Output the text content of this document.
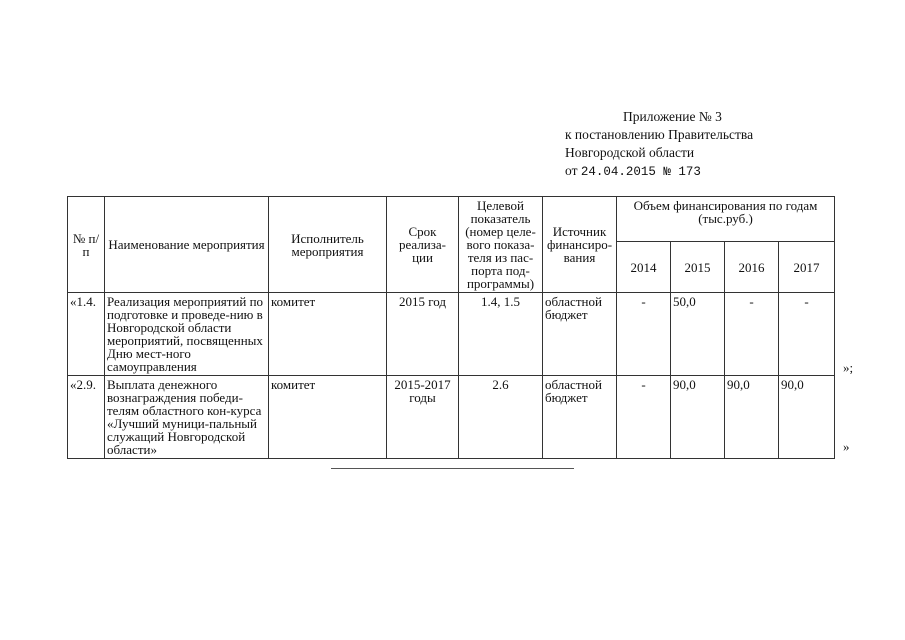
Приложение № 3
к постановлению Правительства
Новгородской области
от 24.04.2015 № 173
№ п/п	Наименование мероприятия	Исполнитель мероприятия	Срок реализа-ции	Целевой показатель (номер целе-вого показа-теля из пас-порта под-программы)	Источник финансиро-вания	Объем финансирования по годам (тыс.руб.)			
						2014	2015	2016	2017
«1.4.	Реализация мероприятий по подготовке и проведе-нию в Новгородской области мероприятий, посвященных Дню мест-ного самоуправления	комитет	2015 год	1.4, 1.5	областной бюджет	-	50,0	-	-
«2.9.	Выплата денежного вознаграждения победи-телям областного кон-курса «Лучший муници-пальный служащий Новгородской области»	комитет	2015-2017 годы	2.6	областной бюджет	-	90,0	90,0	90,0
»;
»
